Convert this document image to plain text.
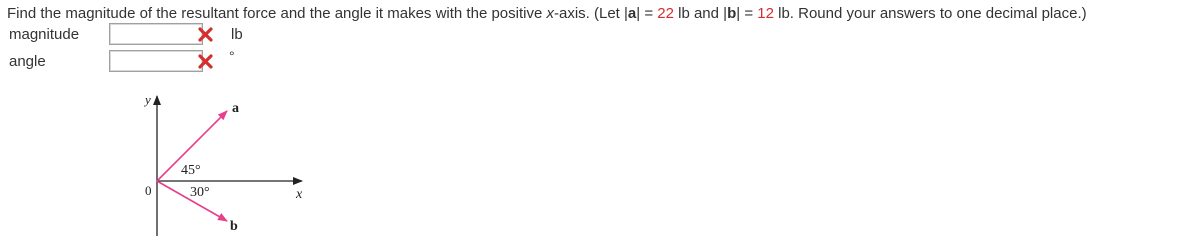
Find the magnitude of the resultant force and the angle it makes with the positive x-axis. (Let |a| = 22 lb and |b| = 12 lb. Round your answers to one decimal place.)
magnitude	lb
angle	°
y
x
0
a
b
45°
30°
